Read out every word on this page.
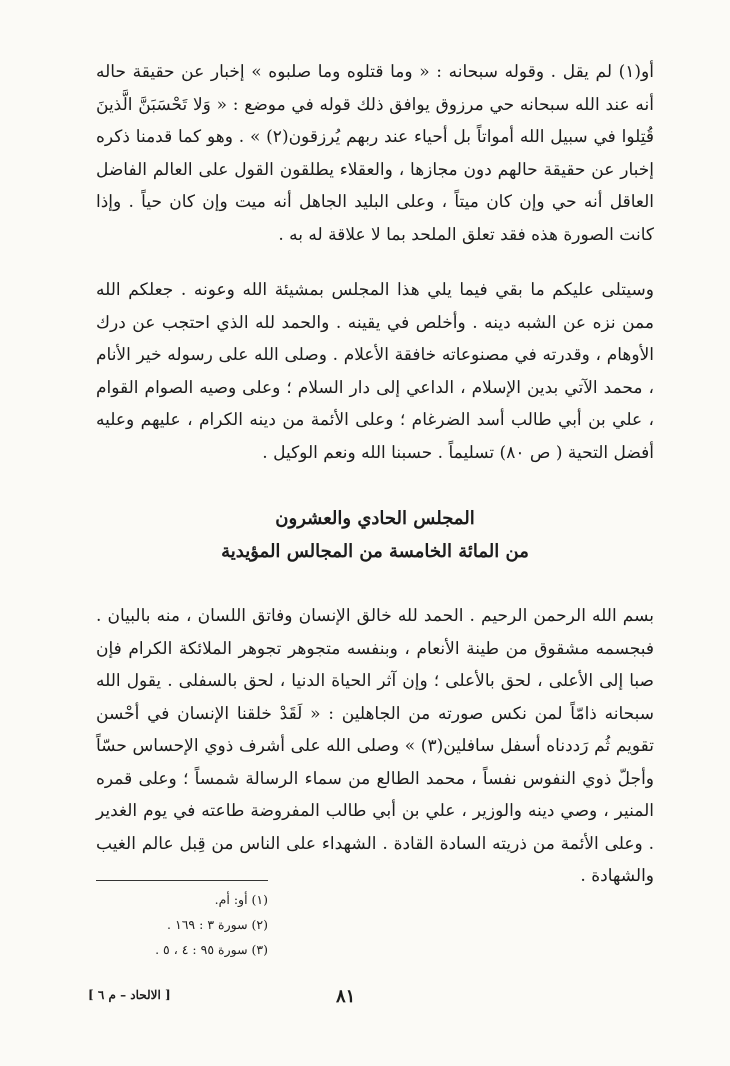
أو(١) لم يقل . وقوله سبحانه : « وما قتلوه وما صلبوه » إخبار عن حقيقة حاله أنه عند الله سبحانه حي مرزوق يوافق ذلك قوله في موضع : « وَلا تَحْسَبَنَّ الَّذينَ قُتِلوا في سبيل الله أمواتاً بل أحياء عند ربهم يُرزقون(٢) » . وهو كما قدمنا ذكره إخبار عن حقيقة حالهم دون مجازها ، والعقلاء يطلقون القول على العالم الفاضل العاقل أنه حي وإن كان ميتاً ، وعلى البليد الجاهل أنه ميت وإن كان حياً . وإذا كانت الصورة هذه فقد تعلق الملحد بما لا علاقة له به .

وسيتلى عليكم ما بقي فيما يلي هذا المجلس بمشيئة الله وعونه . جعلكم الله ممن نزه عن الشبه دينه . وأخلص في يقينه . والحمد لله الذي احتجب عن درك الأوهام ، وقدرته في مصنوعاته خافقة الأعلام . وصلى الله على رسوله خير الأنام ، محمد الآتي بدين الإسلام ، الداعي إلى دار السلام ؛ وعلى وصيه الصوام القوام ، علي بن أبي طالب أسد الضرغام ؛ وعلى الأئمة من دينه الكرام ، عليهم وعليه أفضل التحية ( ص ٨٠) تسليماً . حسبنا الله ونعم الوكيل .

المجلس الحادي والعشرون
من المائة الخامسة من المجالس المؤيدية

بسم الله الرحمن الرحيم . الحمد لله خالق الإنسان وفاتق اللسان ، منه بالبيان . فبجسمه مشقوق من طينة الأنعام ، وبنفسه متجوهر تجوهر الملائكة الكرام فإن صبا إلى الأعلى ، لحق بالأعلى ؛ وإن آثر الحياة الدنيا ، لحق بالسفلى . يقول الله سبحانه ذامّاً لمن نكس صورته من الجاهلين : « لَقَدْ خلقنا الإنسان في أحْسن تقويم ثُم رَددناه أسفل سافلين(٣) » وصلى الله على أشرف ذوي الإحساس حسّاً وأجلّ ذوي النفوس نفساً ، محمد الطالع من سماء الرسالة شمساً ؛ وعلى قمره المنير ، وصي دينه والوزير ، علي بن أبي طالب المفروضة طاعته في يوم الغدير . وعلى الأئمة من ذريته السادة القادة . الشهداء على الناس من قِبل عالم الغيب والشهادة .

(١) أو: أم.
(٢) سورة ٣ : ١٦٩ .
(٣) سورة ٩٥ : ٤ ، ٥ .
٨١
[ الالحاد – م ٦ ]
